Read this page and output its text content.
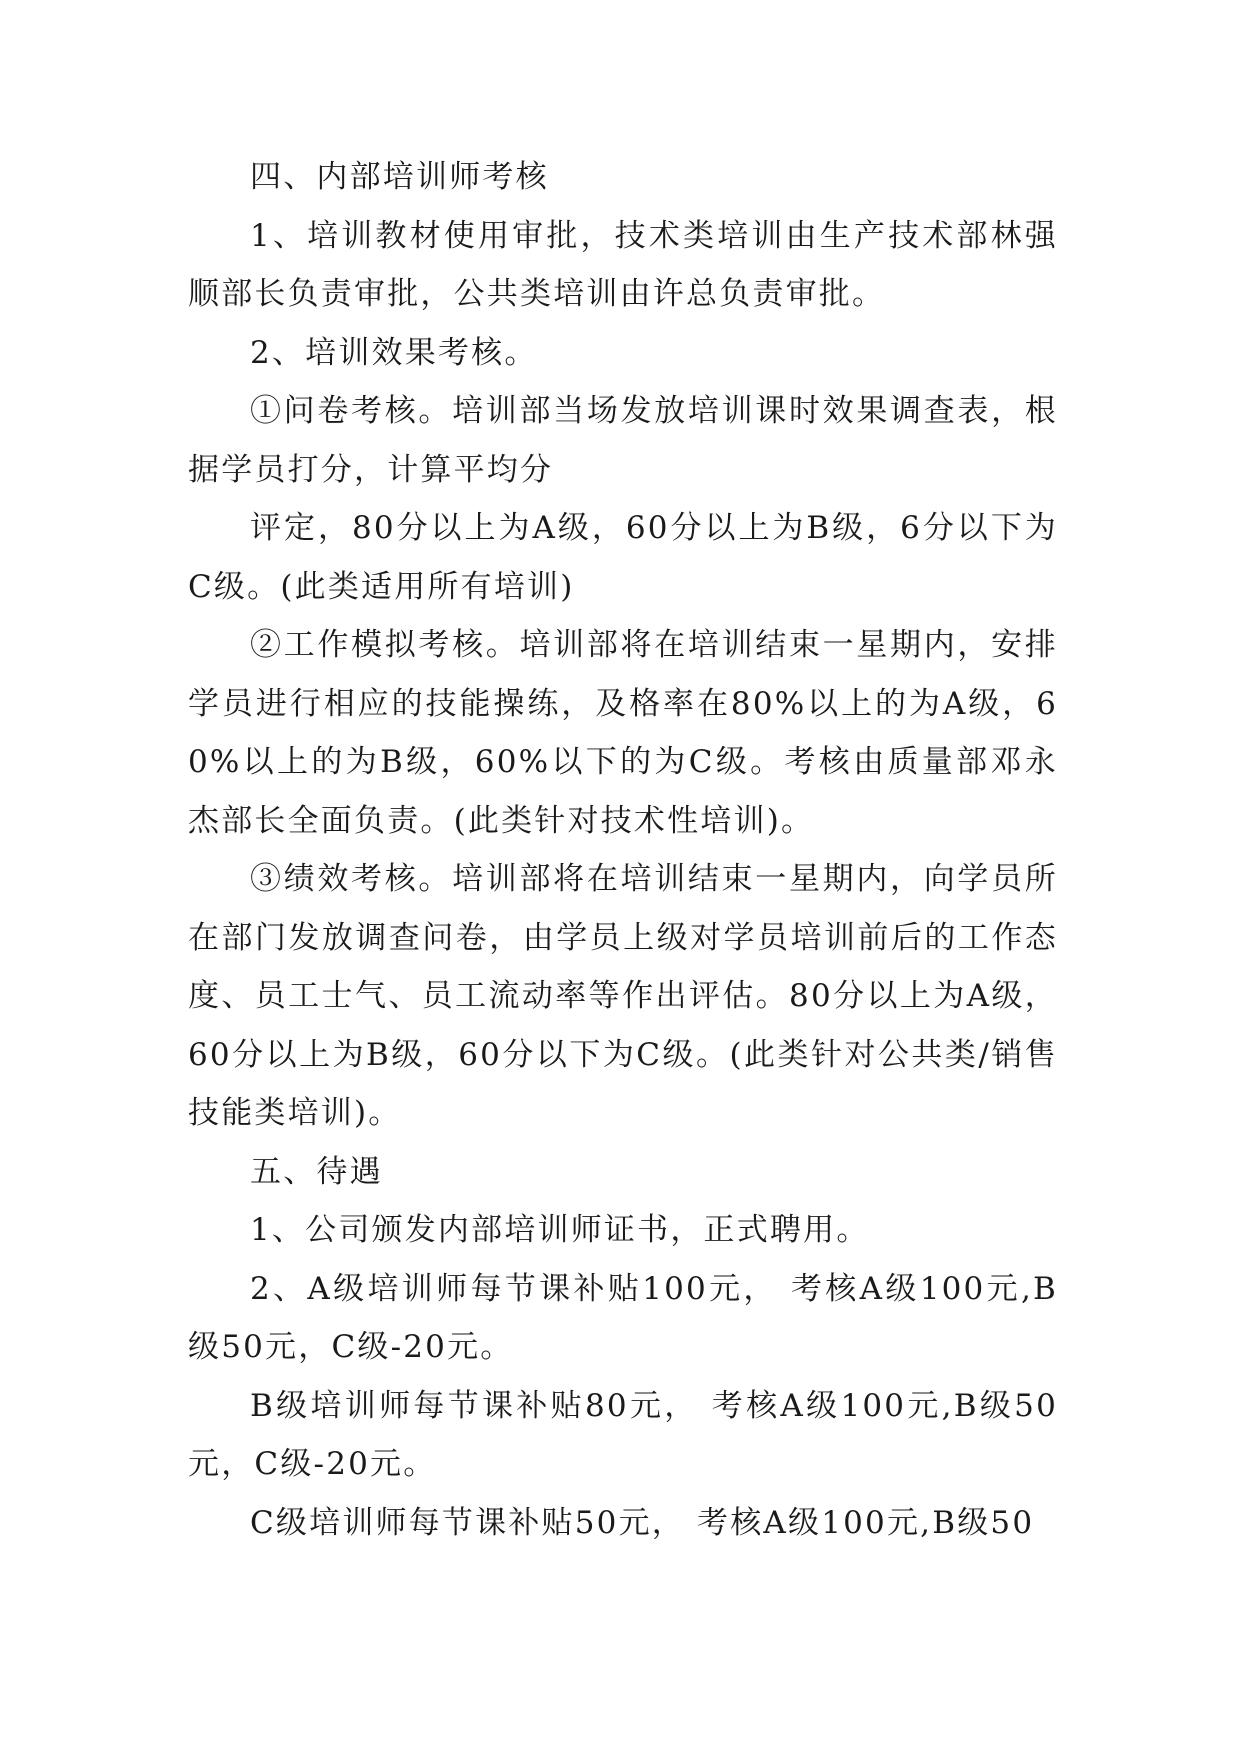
四、内部培训师考核

1、培训教材使用审批，技术类培训由生产技术部林强顺部长负责审批，公共类培训由许总负责审批。

2、培训效果考核。

①问卷考核。培训部当场发放培训课时效果调查表，根据学员打分，计算平均分

评定，80分以上为A级，60分以上为B级，6分以下为C级。(此类适用所有培训)

②工作模拟考核。培训部将在培训结束一星期内，安排学员进行相应的技能操练，及格率在80%以上的为A级，60%以上的为B级，60%以下的为C级。考核由质量部邓永杰部长全面负责。(此类针对技术性培训)。

③绩效考核。培训部将在培训结束一星期内，向学员所在部门发放调查问卷，由学员上级对学员培训前后的工作态度、员工士气、员工流动率等作出评估。80分以上为A级，60分以上为B级，60分以下为C级。(此类针对公共类/销售技能类培训)。

五、待遇

1、公司颁发内部培训师证书，正式聘用。

2、A级培训师每节课补贴100元， 考核A级100元,B级50元，C级-20元。

B级培训师每节课补贴80元， 考核A级100元,B级50元，C级-20元。

C级培训师每节课补贴50元， 考核A级100元,B级50
